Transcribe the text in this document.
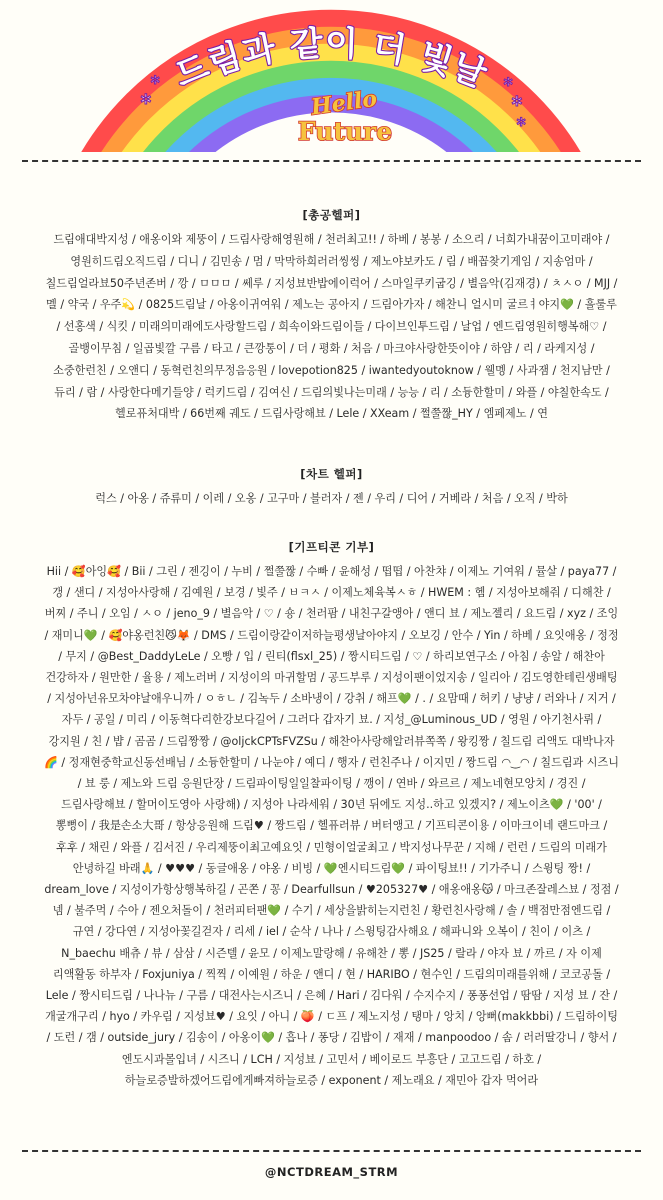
✲
✲	✲
✲
✲
드림과 같이 더 빛날
Hello
Future
[총공헬퍼]
드림애대박지성 / 애옹이와 제뚱이 / 드림사랑해영원해 / 천러최고!! / 하베 / 봉봉 / 소으리 / 너희가내꿈이고미래야 / 영원히드림오직드림 / 디니 / 김민송 / 멈 / 막막하희러러씽씽 / 제노야보카도 / 림 / 배꼽찾기게임 / 지송엄마 / 칠드림얼라뵤50주년존버 / 깡 / ㅁㅁㅁ / 쎄루 / 지성뵤반밥에이럭어 / 스마일쿠키굽깅 / 별음악(김재경) / ㅊㅅㅇ / MJJ / 멜 / 약국 / 우주💫 / 0825드림날 / 아옹이귀여워 / 제노는 공아지 / 드림아가자 / 해찬니 얼시미 굴르ㅕ야지💚 / 흘룰루 / 선홍색 / 식킷 / 미래의미래에도사랑할드림 / 희속이와드림이들 / 다이브인투드림 / 날업 / 엔드림영원히행복해♡ / 골뱅이무침 / 일곱빛깔 구름 / 타고 / 큰깡통이 / 더 / 평화 / 처음 / 마크야사랑한뜻이야 / 하얌 / 리 / 라케지성 / 소중한런친 / 오앤디 / 동혁런친의무정음응원 / lovepotion825 / iwantedyoutoknow / 웰멩 / 사과잼 / 천지남만 / 듀리 / 람 / 사랑한다메기들양 / 럭키드림 / 김여신 / 드림의빛나는미래 / 능능 / 리 / 소듕한할미 / 와플 / 야칠한속도 / 헬로퓨처대박 / 66번째 궤도 / 드림사랑해뵤 / Lele / XXeam / 쩔쭐짢_HY / 엠페제노 / 연
[차트 헬퍼]
럭스 / 아옹 / 쥬류미 / 이레 / 오옹 / 고구마 / 블러자 / 젠 / 우리 / 디어 / 거베라 / 처음 / 오직 / 박하
[기프티콘 기부]
Hii / 🥰아잉🥰 / Bii / 그린 / 젠깅이 / 누비 / 쩔쭐짢 / 수빠 / 윤해성 / 떱떱 / 아찬챠 / 이제노 기여워 / 뮬살 / paya77 / 갱 / 샌디 / 지성아사랑해 / 김예원 / 보경 / 빛주 / ㅂㅋㅅ / 이제노체육복ㅅㅎ / HWEM : 헴 / 지성아보해줘 / 디해찬 / 버찌 / 주니 / 오임 / ㅅㅇ / jeno_9 / 별음악 / ♡ / 숑 / 천러팜 / 내친구갈앵아 / 앤디 뵤 / 제노젤리 / 요드림 / xyz / 조잉 / 재미니💚 / 🥰야옹런친😼🦊 / DMS / 드림이랑같이저하늘평생날아야지 / 오보깅 / 안수 / Yin / 하베 / 요잇애옹 / 정정 / 무지 / @Best_DaddyLeLe / 오빵 / 입 / 린티(flsxl_25) / 짱시티드림 / ♡ / 하리보연구소 / 아침 / 송알 / 해찬아 건강하자 / 원만한 / 율용 / 제노러버 / 지성이의 마귀할멈 / 공드부루 / 지성이팬이었지송 / 일리아 / 김도영한테린생배팅 / 지성아넌유모차야날애우니까 / ㅇㅎㄴ / 김녹두 / 소바냉이 / 강취 / 해프💚 / . / 요맘때 / 허키 / 냥냥 / 러와나 / 지거 / 자두 / 공일 / 미리 / 이동혁다리한강보다길어 / 그러다 갑자기 뵤. / 지성_@Luminous_UD / 영원 / 아기천사뤼 / 강지원 / 친 / 뱝 / 곰곰 / 드림짱짱 / @oljckCPTsFVZSu / 해찬아사랑해알러뷰쪽쪽 / 왕킹짱 / 칠드림 리액도 대박나자🌈 / 정재현중학교신동선배님 / 소듕한할미 / 나눈야 / 예디 / 행자 / 런친주나 / 이지민 / 짱드림 ◠‿◠ / 칠드림과 시즈니 / 뵤 룽 / 제노와 드림 응원단장 / 드림파이팅일일찰파이팅 / 깽이 / 연바 / 와르르 / 제노네현모앙치 / 경진 / 드림사랑해뵤 / 할머이도영아 사랑해) / 지성아 나라세워 / 30년 뒤에도 지성..하고 있겠지? / 제노이츠💚 / '00' / 뽕뻥이 / 我是손소大哥 / 항상응원해 드림♥ / 짱드림 / 헬퓨러뷰 / 버터앵고 / 기프티콘이용 / 이마크이네 랜드마크 / 후후 / 채린 / 와플 / 김서진 / 우리제뚱이최고예요잇 / 민형이얼굴최고 / 박지성나무꾼 / 지해 / 런런 / 드림의 미래가 안녕하길 바래🙏 / ♥♥♥ / 동글애옹 / 야옹 / 비빙 / 💚엔시티드림💚 / 파이팅뵤!! / 기가주니 / 스윙팅 짱! / dream_love / 지성이가항상행복하길 / 곤쫀 / 꽁 / Dearfullsun / ♥205327♥ / 애옹애옹😽 / 마크존잘레스뵤 / 정점 / 넴 / 불주먹 / 수아 / 젠오처돌이 / 천러피터팬💚 / 수기 / 세상을밝히는지런친 / 황런친사랑해 / 솔 / 백점만점엔드림 / 규연 / 강다연 / 지성아꽃길걷자 / 리세 / iel / 순삭 / 나나 / 스윙팅감사해요 / 해파니와 오복이 / 친이 / 이츠 / N_baechu 배츄 / 뷰 / 삼삼 / 시즌텔 / 윤모 / 이제노말랑해 / 유해찬 / 뽕 / JS25 / 랄라 / 야자 뵤 / 까르 / 자 이제 리액활동 하부자 / Foxjuniya / 찍찍 / 이예원 / 하운 / 앤디 / 현 / HARIBO / 현수인 / 드림의미래를위해 / 코코공돌 / Lele / 짱시티드림 / 나나뉴 / 구름 / 대전사는시즈니 / 은혜 / Hari / 김다워 / 수지수지 / 퐁퐁선업 / 땀땀 / 지성 뵤 / 잔 / 개굴개구리 / hyo / 카우림 / 지성뵤♥ / 요잇 / 아니 / 🍑 / ㄷ프 / 제노지성 / 탱마 / 앙치 / 앙뻐(makkbbi) / 드림하이팅 / 도런 / 갬 / outside_jury / 김송이 / 아옹이💚 / 흡나 / 퐁당 / 김밥이 / 재재 / manpoodoo / 솜 / 러러딸강니 / 향서 / 엔도시과몰입녀 / 시즈니 / LCH / 지성뵤 / 고민서 / 베이로드 부흥단 / 고고드림 / 하호 / 하늘로증발하겠어드림에게빠져하늘로증 / exponent / 제노래요 / 재민아 갑자 먹어라
@NCTDREAM_STRM
